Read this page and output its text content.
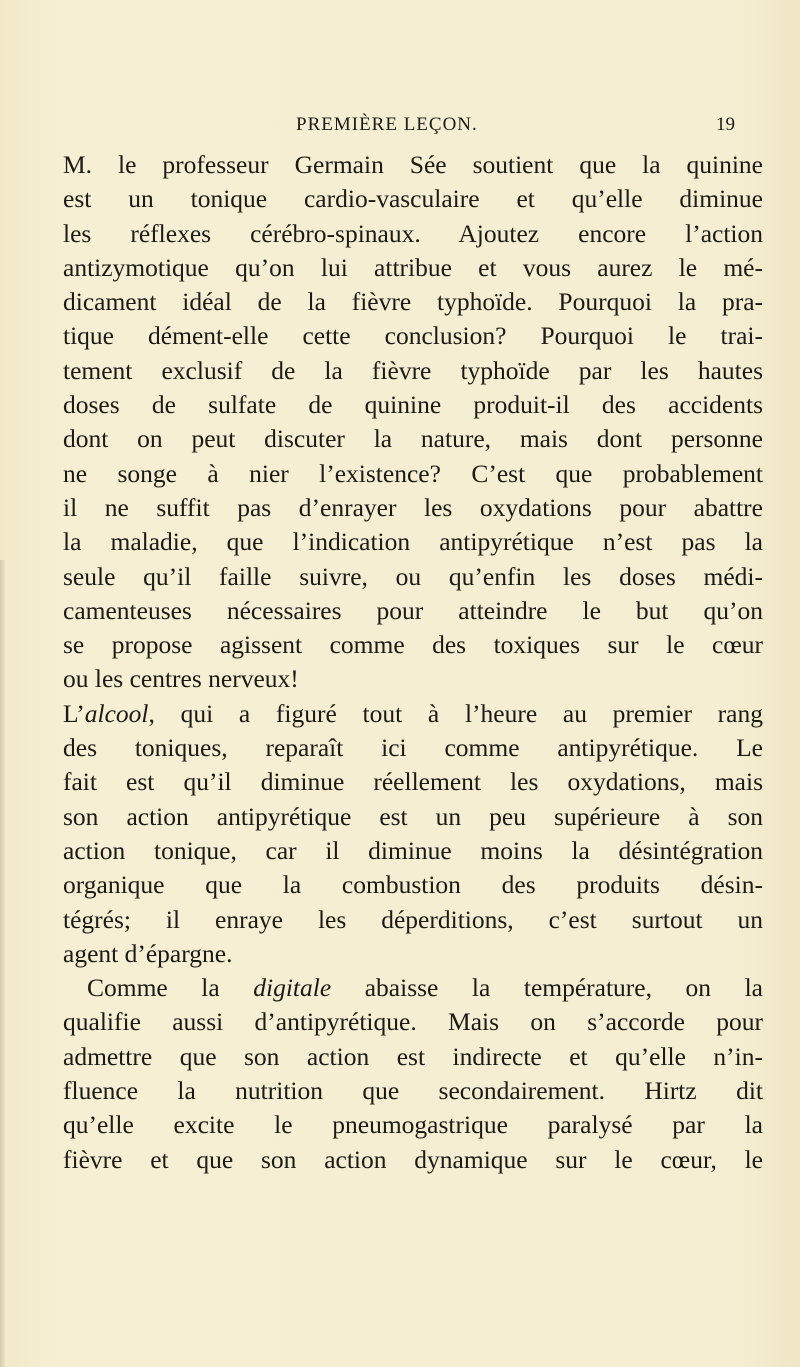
PREMIÈRE LEÇON.	19
M. le professeur Germain Sée soutient que la quinine
est un tonique cardio-vasculaire et qu’elle diminue
les réflexes cérébro-spinaux. Ajoutez encore l’action
antizymotique qu’on lui attribue et vous aurez le mé-
dicament idéal de la fièvre typhoïde. Pourquoi la pra-
tique dément-elle cette conclusion? Pourquoi le trai-
tement exclusif de la fièvre typhoïde par les hautes
doses de sulfate de quinine produit-il des accidents
dont on peut discuter la nature, mais dont personne
ne songe à nier l’existence? C’est que probablement
il ne suffit pas d’enrayer les oxydations pour abattre
la maladie, que l’indication antipyrétique n’est pas la
seule qu’il faille suivre, ou qu’enfin les doses médi-
camenteuses nécessaires pour atteindre le but qu’on
se propose agissent comme des toxiques sur le cœur
ou les centres nerveux!
L’alcool, qui a figuré tout à l’heure au premier rang
des toniques, reparaît ici comme antipyrétique. Le
fait est qu’il diminue réellement les oxydations, mais
son action antipyrétique est un peu supérieure à son
action tonique, car il diminue moins la désintégration
organique que la combustion des produits désin-
tégrés; il enraye les déperditions, c’est surtout un
agent d’épargne.
Comme la digitale abaisse la température, on la
qualifie aussi d’antipyrétique. Mais on s’accorde pour
admettre que son action est indirecte et qu’elle n’in-
fluence la nutrition que secondairement. Hirtz dit
qu’elle excite le pneumogastrique paralysé par la
fièvre et que son action dynamique sur le cœur, le
